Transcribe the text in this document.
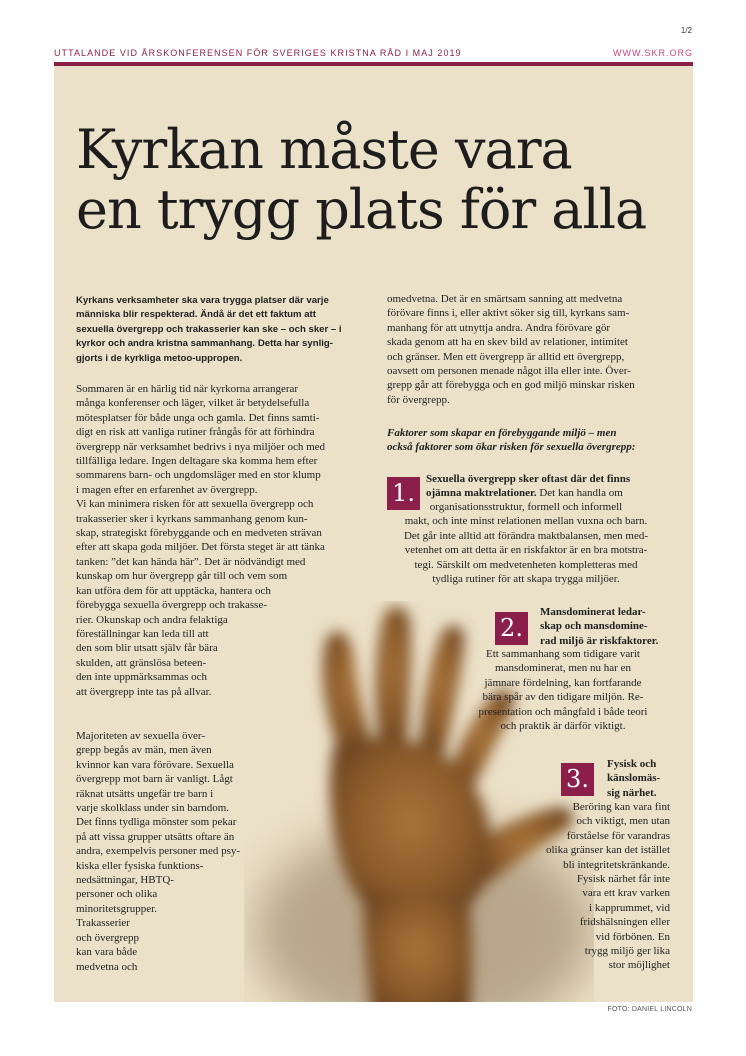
1/2
UTTALANDE VID ÅRSKONFERENSEN FÖR SVERIGES KRISTNA RÅD I MAJ 2019	WWW.SKR.ORG
Kyrkan måste vara
en trygg plats för alla
Kyrkans verksamheter ska vara trygga platser där varje
människa blir respekterad. Ändå är det ett faktum att
sexuella övergrepp och trakasserier kan ske – och sker – i
kyrkor och andra kristna sammanhang. Detta har synlig-
gjorts i de kyrkliga metoo-uppropen.
Sommaren är en härlig tid när kyrkorna arrangerar
många konferenser och läger, vilket är betydelsefulla
mötesplatser för både unga och gamla. Det finns samti-
digt en risk att vanliga rutiner frångås för att förhindra
övergrepp när verksamhet bedrivs i nya miljöer och med
tillfälliga ledare. Ingen deltagare ska komma hem efter
sommarens barn- och ungdomsläger med en stor klump
i magen efter en erfarenhet av övergrepp.
Vi kan minimera risken för att sexuella övergrepp och
trakasserier sker i kyrkans sammanhang genom kun-
skap, strategiskt förebyggande och en medveten strävan
efter att skapa goda miljöer. Det första steget är att tänka
tanken: ”det kan hända här”. Det är nödvändigt med
kunskap om hur övergrepp går till och vem som
kan utföra dem för att upptäcka, hantera och
förebygga sexuella övergrepp och trakasse-
rier. Okunskap och andra felaktiga
föreställningar kan leda till att
den som blir utsatt själv får bära
skulden, att gränslösa beteen-
den inte uppmärksammas och
att övergrepp inte tas på allvar.
Majoriteten av sexuella över-
grepp begås av män, men även
kvinnor kan vara förövare. Sexuella
övergrepp mot barn är vanligt. Lågt
räknat utsätts ungefär tre barn i
varje skolklass under sin barndom.
Det finns tydliga mönster som pekar
på att vissa grupper utsätts oftare än
andra, exempelvis personer med psy-
kiska eller fysiska funktions-
nedsättningar, HBTQ-
personer och olika
minoritetsgrupper.
Trakasserier
och övergrepp
kan vara både
medvetna och
omedvetna. Det är en smärtsam sanning att medvetna
förövare finns i, eller aktivt söker sig till, kyrkans sam-
manhang för att utnyttja andra. Andra förövare gör
skada genom att ha en skev bild av relationer, intimitet
och gränser. Men ett övergrepp är alltid ett övergrepp,
oavsett om personen menade något illa eller inte. Över-
grepp går att förebygga och en god miljö minskar risken
för övergrepp.
Faktorer som skapar en förebyggande miljö – men
också faktorer som ökar risken för sexuella övergrepp:
1.	Sexuella övergrepp sker oftast där det finns
ojämna maktrelationer. Det kan handla om
organisationsstruktur, formell och informell
makt, och inte minst relationen mellan vuxna och barn.
Det går inte alltid att förändra maktbalansen, men med-
vetenhet om att detta är en riskfaktor är en bra motstra-
tegi. Särskilt om medvetenheten kompletteras med
tydliga rutiner för att skapa trygga miljöer.
2.
Mansdominerat ledar-
skap och mansdomine-
rad miljö är riskfaktorer.
Ett sammanhang som tidigare varit
mansdominerat, men nu har en
jämnare fördelning, kan fortfarande
bära spår av den tidigare miljön. Re-
presentation och mångfald i både teori
och praktik är därför viktigt.
3.
Fysisk och
känslomäs-
sig närhet.
Beröring kan vara fint
och viktigt, men utan
förståelse för varandras
olika gränser kan det istället
bli integritetskränkande.
Fysisk närhet får inte
vara ett krav varken
i kapprummet, vid
fridshälsningen eller
vid förbönen. En
trygg miljö ger lika
stor möjlighet
FOTO: DANIEL LINCOLN
